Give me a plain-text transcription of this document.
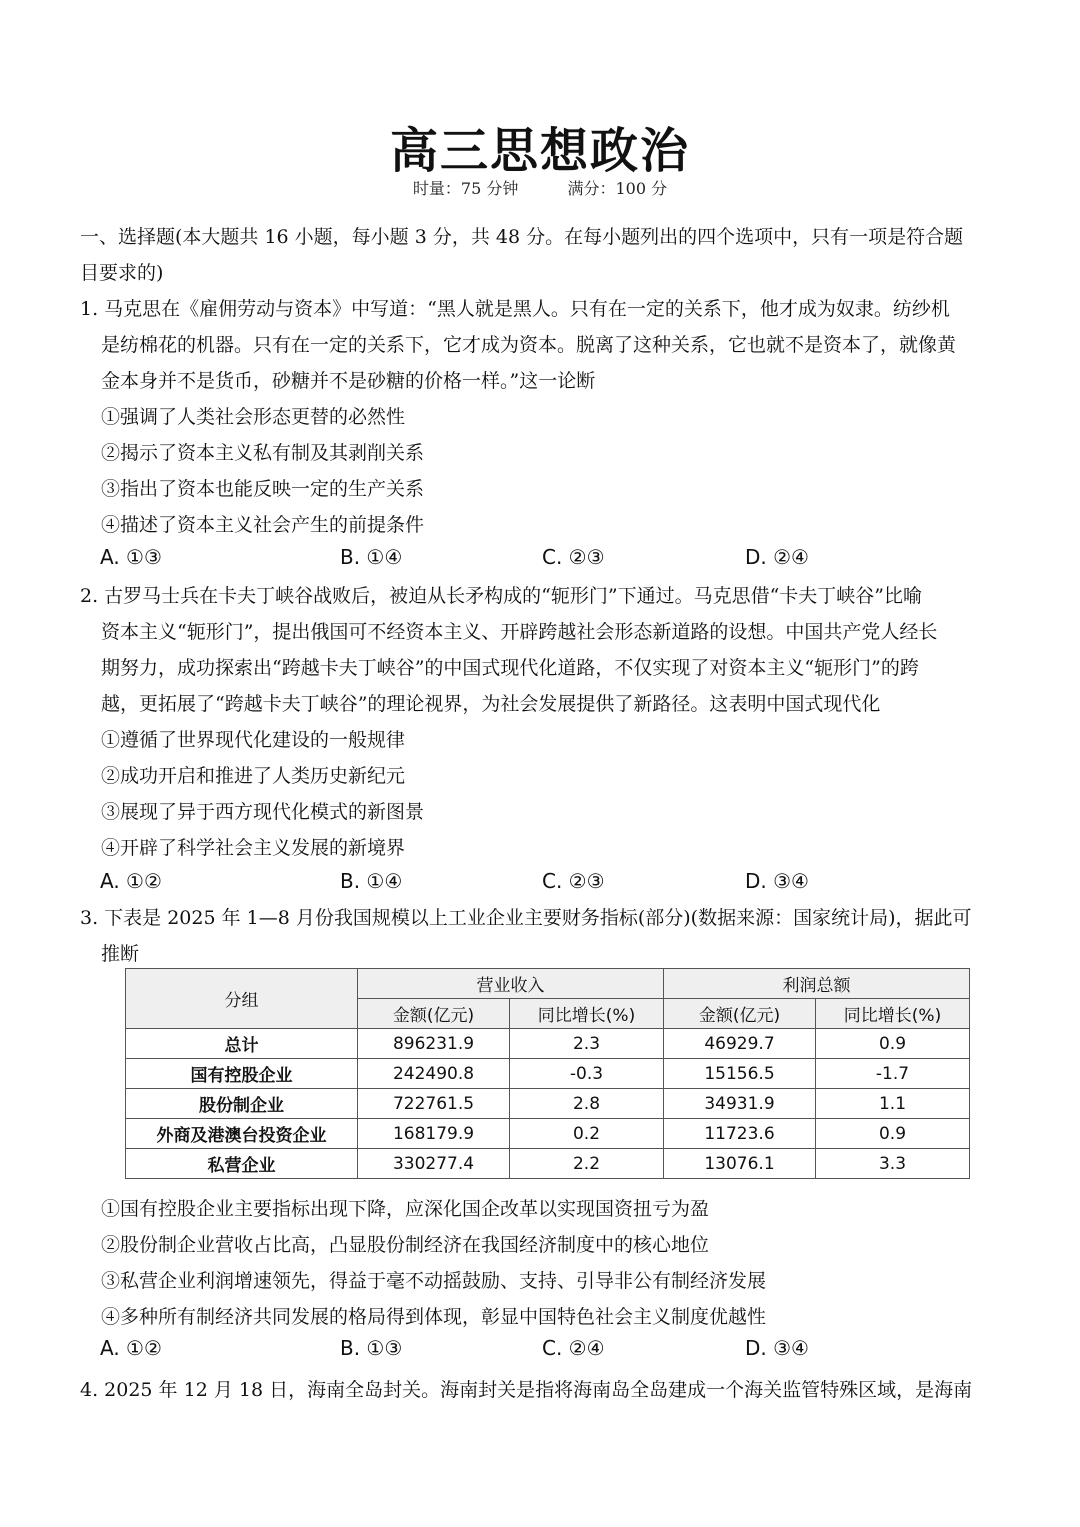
高三思想政治
时量：75 分钟	满分：100 分
一、选择题(本大题共 16 小题，每小题 3 分，共 48 分。在每小题列出的四个选项中，只有一项是符合题
目要求的)
1. 马克思在《雇佣劳动与资本》中写道：“黑人就是黑人。只有在一定的关系下，他才成为奴隶。纺纱机
是纺棉花的机器。只有在一定的关系下，它才成为资本。脱离了这种关系，它也就不是资本了，就像黄
金本身并不是货币，砂糖并不是砂糖的价格一样。”这一论断
①强调了人类社会形态更替的必然性
②揭示了资本主义私有制及其剥削关系
③指出了资本也能反映一定的生产关系
④描述了资本主义社会产生的前提条件
A. ①③	B. ①④	C. ②③	D. ②④
2. 古罗马士兵在卡夫丁峡谷战败后，被迫从长矛构成的“轭形门”下通过。马克思借“卡夫丁峡谷”比喻
资本主义“轭形门”，提出俄国可不经资本主义、开辟跨越社会形态新道路的设想。中国共产党人经长
期努力，成功探索出“跨越卡夫丁峡谷”的中国式现代化道路，不仅实现了对资本主义“轭形门”的跨
越，更拓展了“跨越卡夫丁峡谷”的理论视界，为社会发展提供了新路径。这表明中国式现代化
①遵循了世界现代化建设的一般规律
②成功开启和推进了人类历史新纪元
③展现了异于西方现代化模式的新图景
④开辟了科学社会主义发展的新境界
A. ①②	B. ①④	C. ②③	D. ③④
3. 下表是 2025 年 1—8 月份我国规模以上工业企业主要财务指标(部分)(数据来源：国家统计局)，据此可
推断
分组	营业收入		利润总额	
	金额(亿元)	同比增长(%)	金额(亿元)	同比增长(%)
总计	896231.9	2.3	46929.7	0.9
国有控股企业	242490.8	-0.3	15156.5	-1.7
股份制企业	722761.5	2.8	34931.9	1.1
外商及港澳台投资企业	168179.9	0.2	11723.6	0.9
私营企业	330277.4	2.2	13076.1	3.3
①国有控股企业主要指标出现下降，应深化国企改革以实现国资扭亏为盈
②股份制企业营收占比高，凸显股份制经济在我国经济制度中的核心地位
③私营企业利润增速领先，得益于毫不动摇鼓励、支持、引导非公有制经济发展
④多种所有制经济共同发展的格局得到体现，彰显中国特色社会主义制度优越性
A. ①②	B. ①③	C. ②④	D. ③④
4. 2025 年 12 月 18 日，海南全岛封关。海南封关是指将海南岛全岛建成一个海关监管特殊区域，是海南
